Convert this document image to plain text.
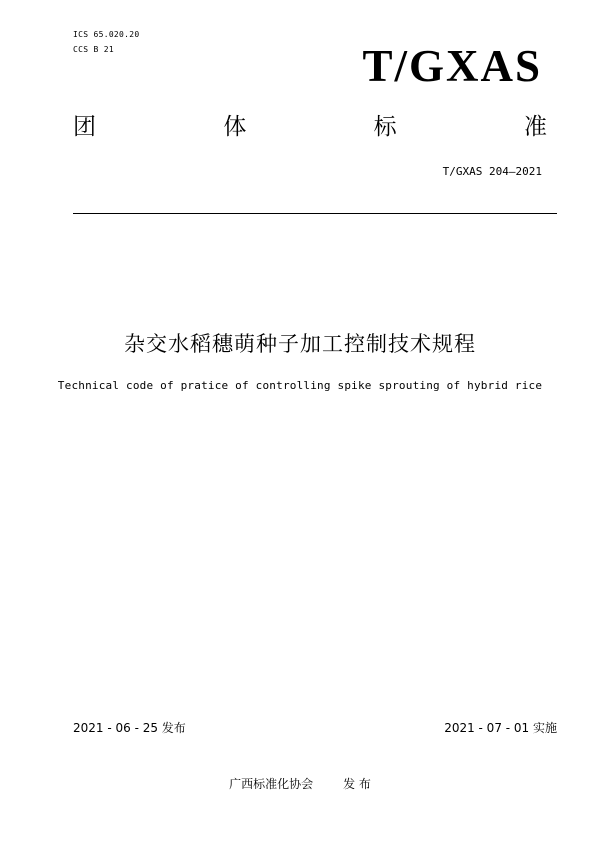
ICS 65.020.20
CCS B 21	T/GXAS
团	体	标	准
T/GXAS 204—2021
杂交水稻穗萌种子加工控制技术规程
Technical code of pratice of controlling spike sprouting of hybrid rice
2021 - 06 - 25 发布	2021 - 07 - 01 实施
广西标准化协会	发 布
